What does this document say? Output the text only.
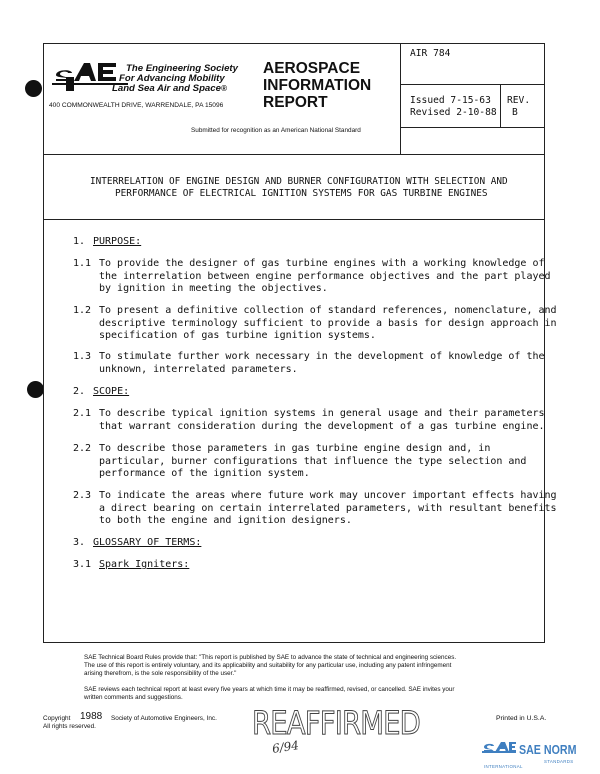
The Engineering Society
For Advancing Mobility
Land Sea Air and Space®
400 COMMONWEALTH DRIVE, WARRENDALE, PA 15096
AEROSPACE
INFORMATION
REPORT
Submitted for recognition as an American National Standard
AIR 784
Issued 7-15-63
Revised 2-10-88
REV.
B
INTERRELATION OF ENGINE DESIGN AND BURNER CONFIGURATION WITH SELECTION AND
PERFORMANCE OF ELECTRICAL IGNITION SYSTEMS FOR GAS TURBINE ENGINES
1. PURPOSE:
1.1 To provide the designer of gas turbine engines with a working knowledge of
the interrelation between engine performance objectives and the part played
by ignition in meeting the objectives.
1.2 To present a definitive collection of standard references, nomenclature, and
descriptive terminology sufficient to provide a basis for design approach in
specification of gas turbine ignition systems.
1.3 To stimulate further work necessary in the development of knowledge of the
unknown, interrelated parameters.
2. SCOPE:
2.1 To describe typical ignition systems in general usage and their parameters
that warrant consideration during the development of a gas turbine engine.
2.2 To describe those parameters in gas turbine engine design and, in
particular, burner configurations that influence the type selection and
performance of the ignition system.
2.3 To indicate the areas where future work may uncover important effects having
a direct bearing on certain interrelated parameters, with resultant benefits
to both the engine and ignition designers.
3. GLOSSARY OF TERMS:
3.1 Spark Igniters:
SAE Technical Board Rules provide that: "This report is published by SAE to advance the state of technical and engineering sciences.
The use of this report is entirely voluntary, and its applicability and suitability for any particular use, including any patent infringement
arising therefrom, is the sole responsibility of the user."
SAE reviews each technical report at least every five years at which time it may be reaffirmed, revised, or cancelled. SAE invites your
written comments and suggestions.
Copyright 1988 Society of Automotive Engineers, Inc.
All rights reserved.
Printed in U.S.A.
REAFFIRMED
6/94	SAE NORM
INTERNATIONAL
STANDARDS
